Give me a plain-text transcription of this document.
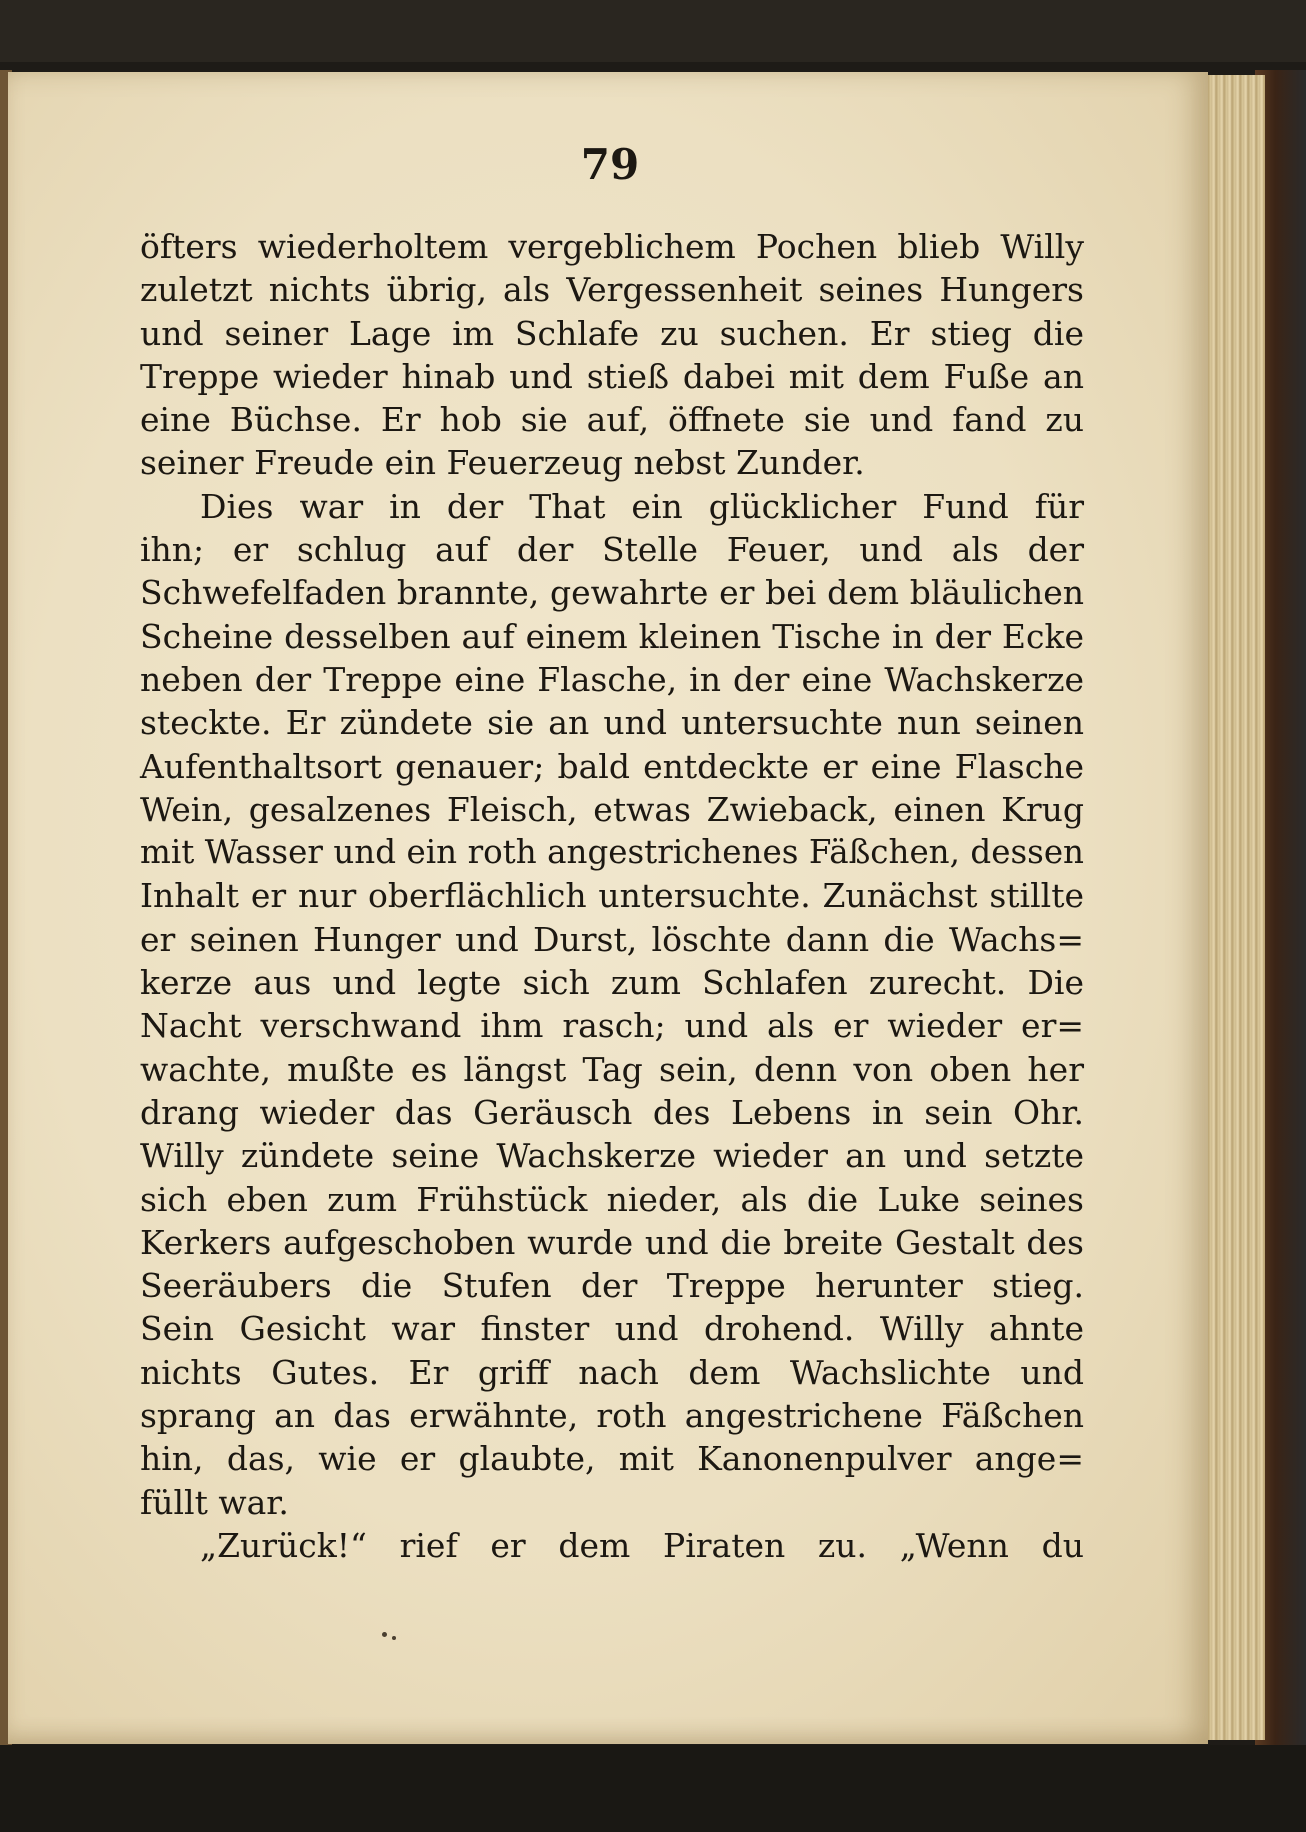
79
öfters wiederholtem vergeblichem Pochen blieb Willy
zuletzt nichts übrig, als Vergessenheit seines Hungers
und seiner Lage im Schlafe zu suchen. Er stieg die
Treppe wieder hinab und stieß dabei mit dem Fuße an
eine Büchse. Er hob sie auf, öffnete sie und fand zu
seiner Freude ein Feuerzeug nebst Zunder.
Dies war in der That ein glücklicher Fund für
ihn; er schlug auf der Stelle Feuer, und als der
Schwefelfaden brannte, gewahrte er bei dem bläulichen
Scheine desselben auf einem kleinen Tische in der Ecke
neben der Treppe eine Flasche, in der eine Wachskerze
steckte. Er zündete sie an und untersuchte nun seinen
Aufenthaltsort genauer; bald entdeckte er eine Flasche
Wein, gesalzenes Fleisch, etwas Zwieback, einen Krug
mit Wasser und ein roth angestrichenes Fäßchen, dessen
Inhalt er nur oberflächlich untersuchte. Zunächst stillte
er seinen Hunger und Durst, löschte dann die Wachs=
kerze aus und legte sich zum Schlafen zurecht. Die
Nacht verschwand ihm rasch; und als er wieder er=
wachte, mußte es längst Tag sein, denn von oben her
drang wieder das Geräusch des Lebens in sein Ohr.
Willy zündete seine Wachskerze wieder an und setzte
sich eben zum Frühstück nieder, als die Luke seines
Kerkers aufgeschoben wurde und die breite Gestalt des
Seeräubers die Stufen der Treppe herunter stieg.
Sein Gesicht war finster und drohend. Willy ahnte
nichts Gutes. Er griff nach dem Wachslichte und
sprang an das erwähnte, roth angestrichene Fäßchen
hin, das, wie er glaubte, mit Kanonenpulver ange=
füllt war.
„Zurück!“ rief er dem Piraten zu. „Wenn du
